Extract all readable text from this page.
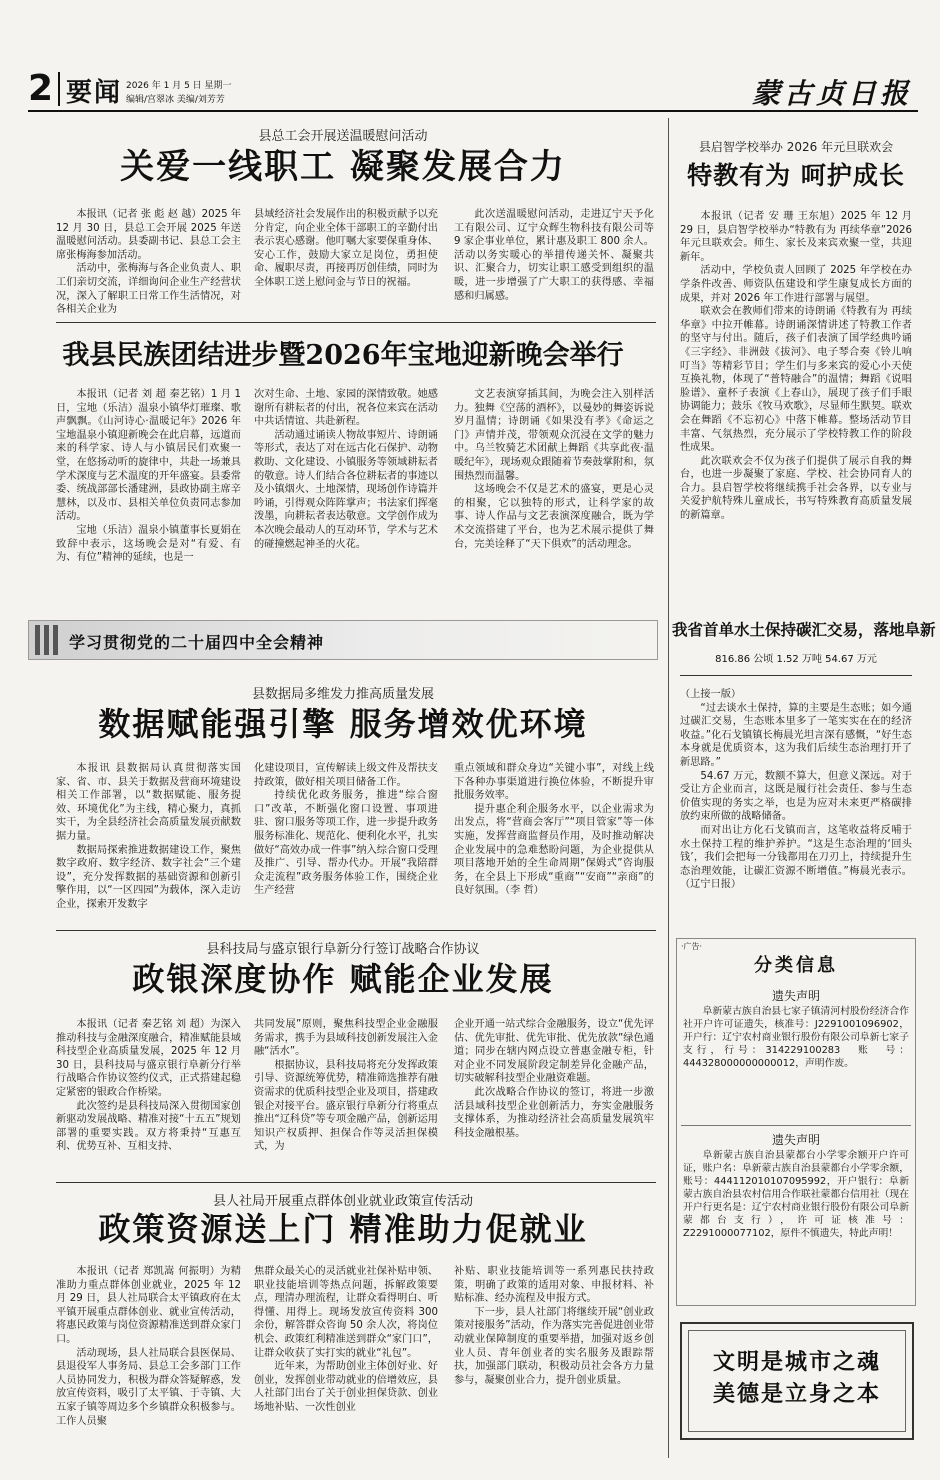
2 要闻 2026 年 1 月 5 日 星期一
编辑/宫翠冰 美编/刘芳芳	蒙古贞日报
县总工会开展送温暖慰问活动
关爱一线职工 凝聚发展合力

本报讯（记者 张 彪 赵 越）2025 年 12 月 30 日，县总工会开展 2025 年送温暖慰问活动。县委副书记、县总工会主席张梅海参加活动。

活动中，张梅海与各企业负责人、职工们亲切交流，详细询问企业生产经营状况，深入了解职工日常工作生活情况，对各相关企业为

县域经济社会发展作出的积极贡献予以充分肯定，向企业全体干部职工的辛勤付出表示衷心感谢。他叮嘱大家要保重身体、安心工作，鼓励大家立足岗位，勇担使命、履职尽责，再接再厉创佳绩，同时为全体职工送上慰问金与节日的祝福。

此次送温暖慰问活动，走进辽宁天予化工有限公司、辽宁众辉生物科技有限公司等 9 家企事业单位，累计惠及职工 800 余人。活动以务实暖心的举措传递关怀、凝聚共识、汇聚合力，切实让职工感受到组织的温暖，进一步增强了广大职工的获得感、幸福感和归属感。

我县民族团结进步暨2026年宝地迎新晚会举行

本报讯（记者 刘 超 秦艺铭）1 月 1 日，宝地（乐洁）温泉小镇华灯璀璨、歌声飘飘。《山河诗心·温暖记年》2026 年宝地温泉小镇迎新晚会在此启幕，远道而来的科学家、诗人与小镇居民们欢聚一堂，在悠扬动听的旋律中，共赴一场兼具学术深度与艺术温度的开年盛宴。县委常委、统战部部长潘建洲，县政协副主席辛慧林，以及市、县相关单位负责同志参加活动。

宝地（乐洁）温泉小镇董事长夏娟在致辞中表示，这场晚会是对“有爱、有为、有位”精神的延续，也是一

次对生命、土地、家园的深情致敬。她感谢所有耕耘者的付出，祝各位来宾在活动中共话情谊、共赴新程。

活动通过诵读人物故事短片、诗朗诵等形式，表达了对在远古化石保护、动物救助、文化建设、小镇服务等领域耕耘者的敬意。诗人们结合各位耕耘者的事迹以及小镇烟火、土地深情，现场创作诗篇并吟诵，引得观众阵阵掌声；书法家们挥毫泼墨，向耕耘者表达敬意。文学创作成为本次晚会最动人的互动环节，学术与艺术的碰撞燃起神圣的火花。

文艺表演穿插其间，为晚会注入别样活力。独舞《空荡的酒杯》，以曼妙的舞姿诉说岁月温情；诗朗诵《如果没有孝》《命运之门》声情并茂，带领观众沉浸在文学的魅力中。乌兰牧骑艺术团献上舞蹈《共享此夜·温暖纪年》，现场观众跟随着节奏鼓掌附和，氛围热烈而温馨。

这场晚会不仅是艺术的盛宴，更是心灵的相聚，它以独特的形式，让科学家的故事、诗人作品与文艺表演深度融合，既为学术交流搭建了平台，也为艺术展示提供了舞台，完美诠释了“天下俱欢”的活动理念。

学习贯彻党的二十届四中全会精神
县数据局多维发力推高质量发展
数据赋能强引擎 服务增效优环境

本报讯 县数据局认真贯彻落实国家、省、市、县关于数据及营商环境建设相关工作部署，以“数据赋能、服务提效、环境优化”为主线，精心聚力，真抓实干，为全县经济社会高质量发展贡献数据力量。

数据局探索推进数据建设工作，聚焦数字政府、数字经济、数字社会“三个建设”，充分发挥数据的基础资源和创新引擎作用，以“一区四园”为载体，深入走访企业，探索开发数字

化建设项目，宣传解读上级文件及帮扶支持政策，做好相关项目储备工作。

持续优化政务服务，推进“综合窗口”改革，不断强化窗口设置、事项进驻、窗口服务等项工作，进一步提升政务服务标准化、规范化、便利化水平，扎实做好“高效办成一件事”纳入综合窗口受理及推广、引导、帮办代办。开展“我陪群众走流程”政务服务体验工作，围绕企业生产经营

重点领域和群众身边“关键小事”，对线上线下各种办事渠道进行换位体验，不断提升审批服务效率。

提升惠企利企服务水平，以企业需求为出发点，将“营商会客厅”“项目管家”等一体实施，发挥营商监督员作用，及时推动解决企业发展中的急难愁盼问题，为企业提供从项目落地开始的全生命周期“保姆式”咨询服务，在全县上下形成“重商”“安商”“亲商”的良好氛围。（李 哲）

县科技局与盛京银行阜新分行签订战略合作协议
政银深度协作 赋能企业发展

本报讯（记者 秦艺铭 刘 超）为深入推动科技与金融深度融合，精准赋能县域科技型企业高质量发展，2025 年 12 月 30 日，县科技局与盛京银行阜新分行举行战略合作协议签约仪式，正式搭建起稳定紧密的银政合作桥梁。

此次签约是县科技局深入贯彻国家创新驱动发展战略、精准对接“十五五”规划部署的重要实践。双方将秉持“互惠互利、优势互补、互相支持、

共同发展”原则，聚焦科技型企业金融服务需求，携手为县域科技创新发展注入金融“活水”。

根据协议，县科技局将充分发挥政策引导、资源统筹优势，精准筛选推荐有融资需求的优质科技型企业及项目，搭建政银企对接平台。盛京银行阜新分行将重点推出“辽科贷”等专项金融产品，创新运用知识产权质押、担保合作等灵活担保模式，为

企业开通一站式综合金融服务，设立“优先评估、优先审批、优先审批、优先放款”绿色通道；同步在辖内网点设立普惠金融专柜，针对企业不同发展阶段定制差异化金融产品，切实破解科技型企业融资难题。

此次战略合作协议的签订，将进一步激活县域科技型企业创新活力，夯实金融服务支撑体系，为推动经济社会高质量发展筑牢科技金融根基。

县人社局开展重点群体创业就业政策宣传活动
政策资源送上门 精准助力促就业

本报讯（记者 郑凯嵩 何振明）为精准助力重点群体创业就业，2025 年 12 月 29 日，县人社局联合太平镇政府在太平镇开展重点群体创业、就业宣传活动，将惠民政策与岗位资源精准送到群众家门口。

活动现场，县人社局联合县医保局、县退役军人事务局、县总工会多部门工作人员协同发力，积极为群众答疑解惑，发放宣传资料，吸引了太平镇、于寺镇、大五家子镇等周边多个乡镇群众积极参与。工作人员聚

焦群众最关心的灵活就业社保补贴申领、职业技能培训等热点问题，拆解政策要点，理清办理流程，让群众看得明白、听得懂、用得上。现场发放宣传资料 300 余份，解答群众咨询 50 余人次，将岗位机会、政策红利精准送到群众“家门口”，让群众收获了实打实的就业“礼包”。

近年来，为帮助创业主体创好业、好创业，发挥创业带动就业的倍增效应，县人社部门出台了关于创业担保贷款、创业场地补贴、一次性创业

补贴、职业技能培训等一系列惠民扶持政策，明确了政策的适用对象、申报材料、补贴标准、经办流程及申报方式。

下一步，县人社部门将继续开展“创业政策对接服务”活动，作为落实完善促进创业带动就业保障制度的重要举措，加强对返乡创业人员、青年创业者的实名服务及跟踪帮扶，加强部门联动，积极动员社会各方力量参与，凝聚创业合力，提升创业质量。

县启智学校举办 2026 年元旦联欢会
特教有为 呵护成长

本报讯（记者 安 珊 王东旭）2025 年 12 月 29 日，县启智学校举办“特教有为 再续华章”2026 年元旦联欢会。师生、家长及来宾欢聚一堂，共迎新年。

活动中，学校负责人回顾了 2025 年学校在办学条件改善、师资队伍建设和学生康复成长方面的成果，并对 2026 年工作进行部署与展望。

联欢会在教师们带来的诗朗诵《特教有为 再续华章》中拉开帷幕。诗朗诵深情讲述了特教工作者的坚守与付出。随后，孩子们表演了国学经典吟诵《三字经》、非洲鼓《拔河》、电子琴合奏《铃儿响叮当》等精彩节目；学生们与多来宾的爱心小天使互换礼物，体现了“普特融合”的温情；舞蹈《说唱脸谱》、童杯子表演《上春山》，展现了孩子们手眼协调能力；鼓乐《牧马欢歌》，尽显师生默契。联欢会在舞蹈《不忘初心》中落下帷幕。整场活动节目丰富、气氛热烈，充分展示了学校特教工作的阶段性成果。

此次联欢会不仅为孩子们提供了展示自我的舞台，也进一步凝聚了家庭、学校、社会协同育人的合力。县启智学校将继续携手社会各界，以专业与关爱护航特殊儿童成长，书写特殊教育高质量发展的新篇章。

我省首单水土保持碳汇交易，落地阜新
816.86 公顷 1.52 万吨 54.67 万元

（上接一版）

“过去谈水土保持，算的主要是生态账；如今通过碳汇交易，生态账本里多了一笔实实在在的经济收益。”化石戈镇镇长梅晨光坦言深有感慨，“好生态本身就是优质资本，这为我们后续生态治理打开了新思路。”

54.67 万元，数额不算大，但意义深远。对于受让方企业而言，这既是履行社会责任、参与生态价值实现的务实之举，也是为应对未来更严格碳排放约束所做的战略储备。

而对出让方化石戈镇而言，这笔收益将反哺于水土保持工程的维护养护。“这是生态治理的‘回头钱’，我们会把每一分钱都用在刀刃上，持续提升生态治理效能，让碳汇资源不断增值。”梅晨光表示。（辽宁日报）

·广告·
分类信息
遗失声明

阜新蒙古族自治县七家子镇清河村股份经济合作社开户许可证遗失，核准号：J2291001096902，开户行：辽宁农村商业银行股份有限公司阜新七家子支行，行号：314229100283　账　号：444328000000000012，声明作废。

遗失声明

阜新蒙古族自治县蒙都台小学零余额开户许可证，账户名：阜新蒙古族自治县蒙都台小学零余额，账号：444112010107095992，开户银行：阜新蒙古族自治县农村信用合作联社蒙都台信用社（现在开户行更名是：辽宁农村商业银行股份有限公司阜新蒙都台支行），许可证核准号：Z2291000077102，原件不慎遗失，特此声明！

文明是城市之魂
美德是立身之本
